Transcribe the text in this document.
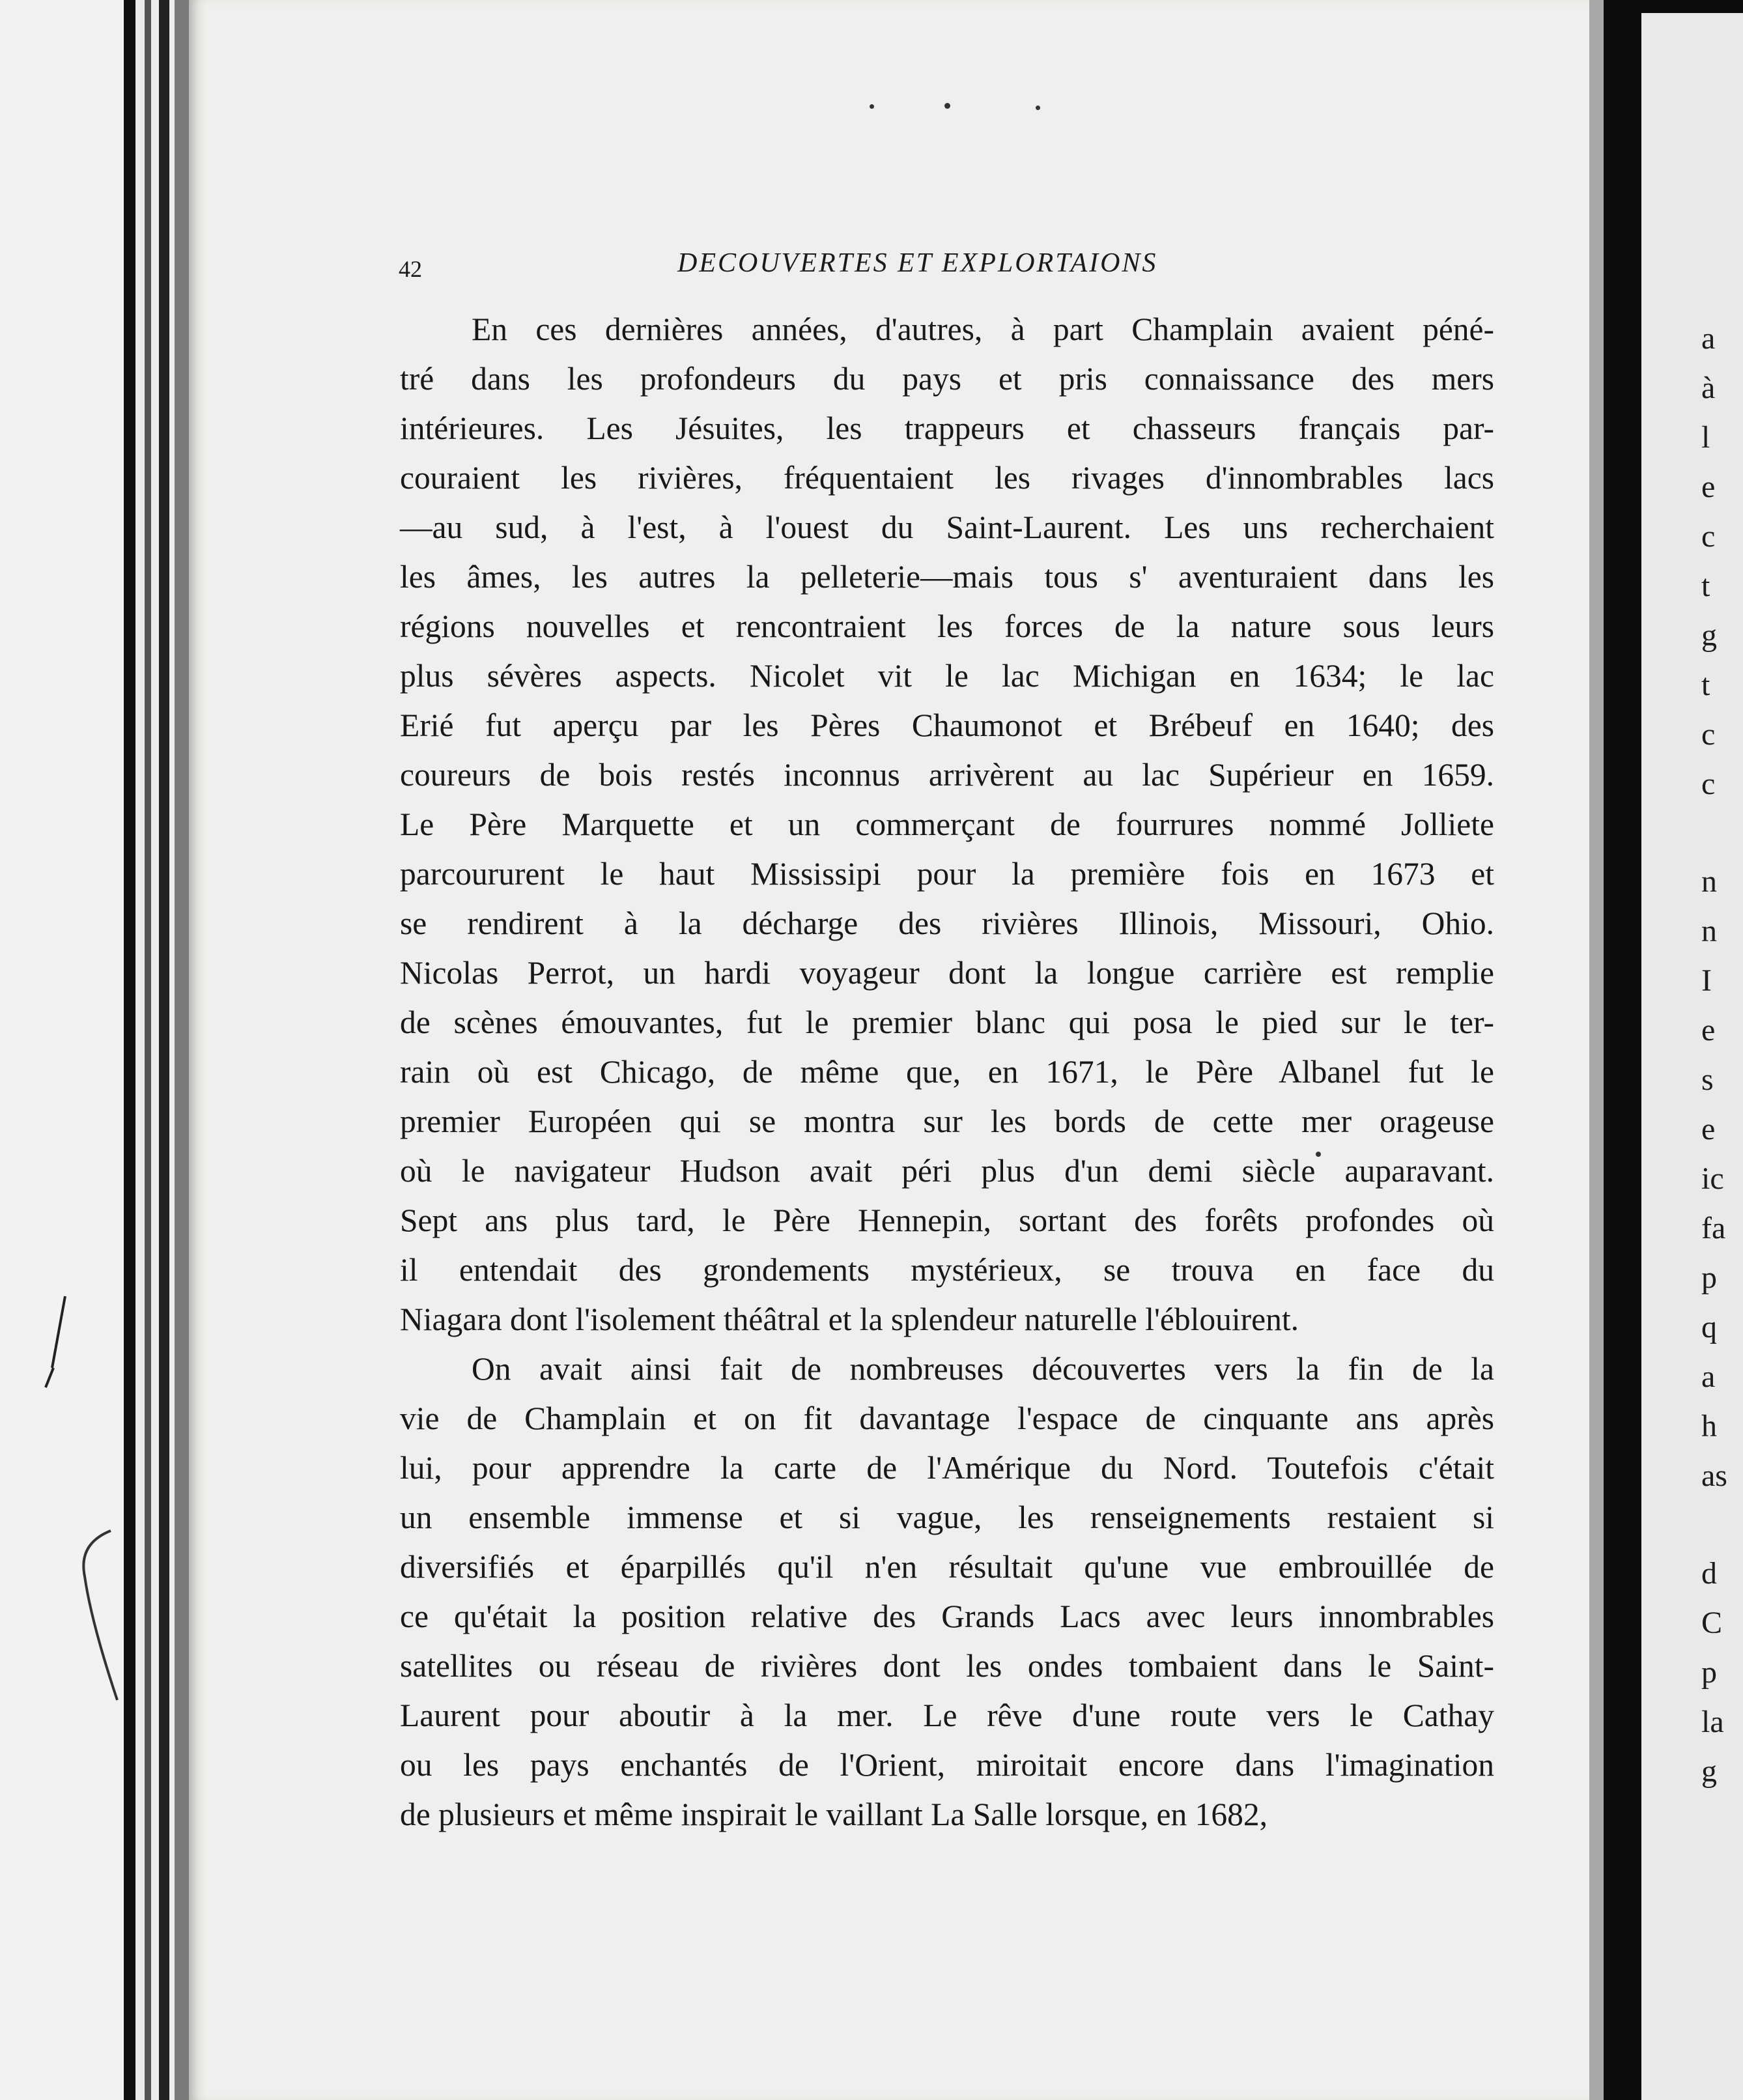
42	DECOUVERTES ET EXPLORTAIONS
En ces dernières années, d'autres, à part Champlain avaient péné-
tré dans les profondeurs du pays et pris connaissance des mers
intérieures. Les Jésuites, les trappeurs et chasseurs français par-
couraient les rivières, fréquentaient les rivages d'innombrables lacs
—au sud, à l'est, à l'ouest du Saint-Laurent. Les uns recherchaient
les âmes, les autres la pelleterie—mais tous s' aventuraient dans les
régions nouvelles et rencontraient les forces de la nature sous leurs
plus sévères aspects. Nicolet vit le lac Michigan en 1634; le lac
Erié fut aperçu par les Pères Chaumonot et Brébeuf en 1640; des
coureurs de bois restés inconnus arrivèrent au lac Supérieur en 1659.
Le Père Marquette et un commerçant de fourrures nommé Jolliete
parcoururent le haut Mississipi pour la première fois en 1673 et
se rendirent à la décharge des rivières Illinois, Missouri, Ohio.
Nicolas Perrot, un hardi voyageur dont la longue carrière est remplie
de scènes émouvantes, fut le premier blanc qui posa le pied sur le ter-
rain où est Chicago, de même que, en 1671, le Père Albanel fut le
premier Européen qui se montra sur les bords de cette mer orageuse
où le navigateur Hudson avait péri plus d'un demi siècle auparavant.
Sept ans plus tard, le Père Hennepin, sortant des forêts profondes où
il entendait des grondements mystérieux, se trouva en face du
Niagara dont l'isolement théâtral et la splendeur naturelle l'éblouirent.
On avait ainsi fait de nombreuses découvertes vers la fin de la
vie de Champlain et on fit davantage l'espace de cinquante ans après
lui, pour apprendre la carte de l'Amérique du Nord. Toutefois c'était
un ensemble immense et si vague, les renseignements restaient si
diversifiés et éparpillés qu'il n'en résultait qu'une vue embrouillée de
ce qu'était la position relative des Grands Lacs avec leurs innombrables
satellites ou réseau de rivières dont les ondes tombaient dans le Saint-
Laurent pour aboutir à la mer. Le rêve d'une route vers le Cathay
ou les pays enchantés de l'Orient, miroitait encore dans l'imagination
de plusieurs et même inspirait le vaillant La Salle lorsque, en 1682,
a
à
l
e
c
t
g
t
c
c
n
n
I
e
s
e
ic
fa
p
q
a
h
as
d
C
p
la
g
